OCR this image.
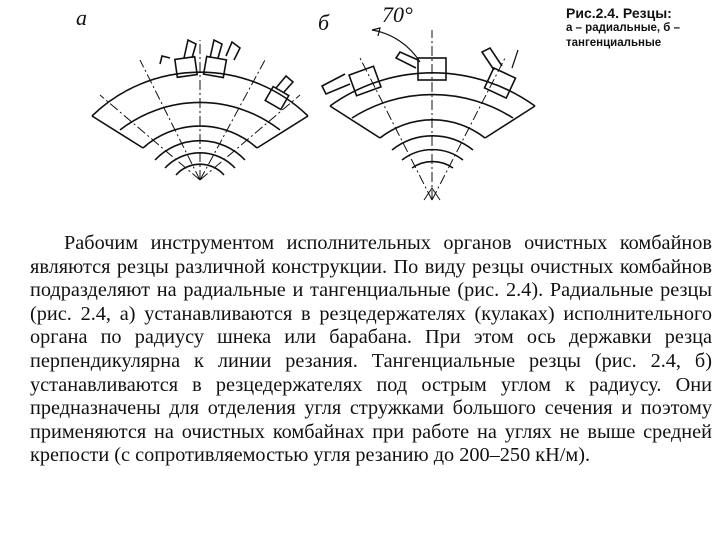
а	б 70°	Рис.2.4. Резцы:
а – радиальные, б –
тангенциальные

Рабочим инструментом исполнительных органов очистных комбайнов являются резцы различной конструкции. По виду резцы очистных комбайнов подразделяют на радиальные и тангенциальные (рис. 2.4). Радиальные резцы (рис. 2.4, а) устанавливаются в резцедержателях (кулаках) исполнительного органа по радиусу шнека или барабана. При этом ось державки резца перпендикулярна к линии резания. Тангенциальные резцы (рис. 2.4, б) устанавливаются в резцедержателях под острым углом к радиусу. Они предназначены для отделения угля стружками большого сечения и поэтому применяются на очистных комбайнах при работе на углях не выше средней крепости (с сопротивляемостью угля резанию до 200–250 кН/м).
